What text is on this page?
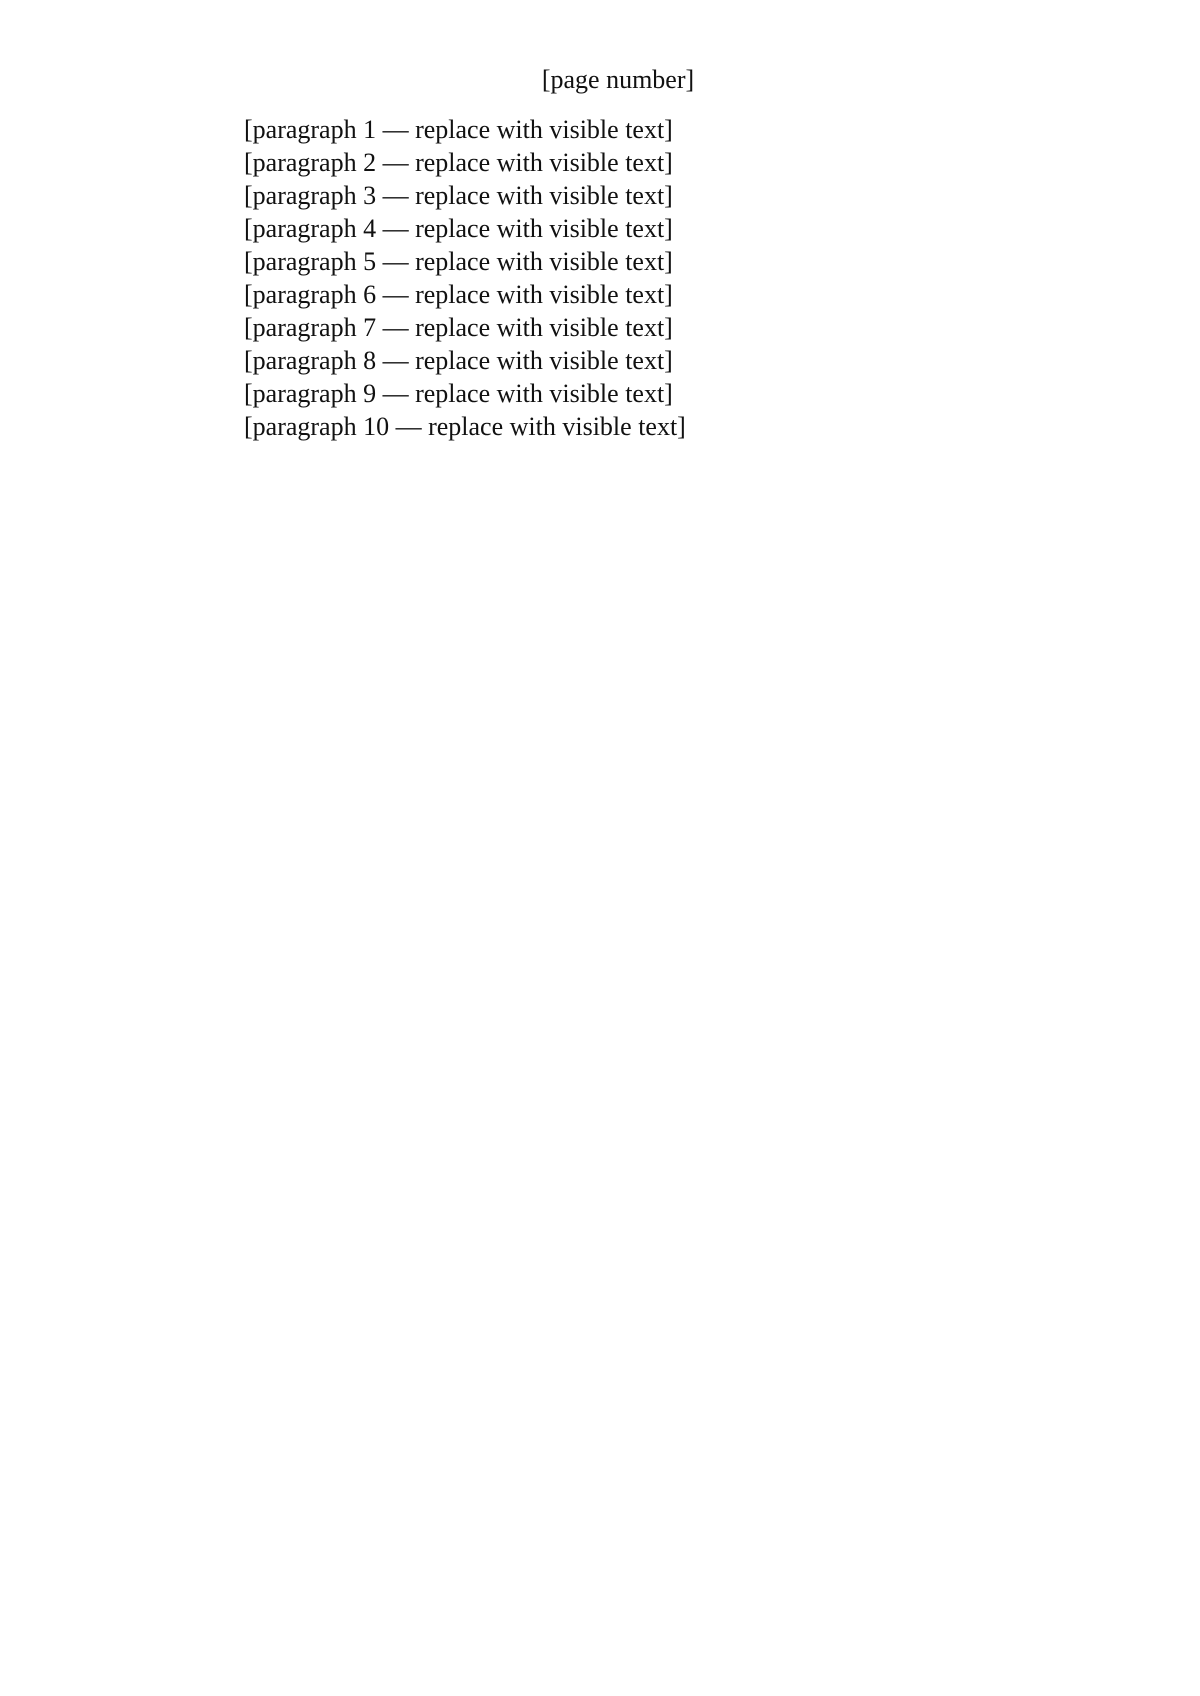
[page number]

[paragraph 1 — replace with visible text]

[paragraph 2 — replace with visible text]

[paragraph 3 — replace with visible text]

[paragraph 4 — replace with visible text]

[paragraph 5 — replace with visible text]

[paragraph 6 — replace with visible text]

[paragraph 7 — replace with visible text]

[paragraph 8 — replace with visible text]

[paragraph 9 — replace with visible text]

[paragraph 10 — replace with visible text]
